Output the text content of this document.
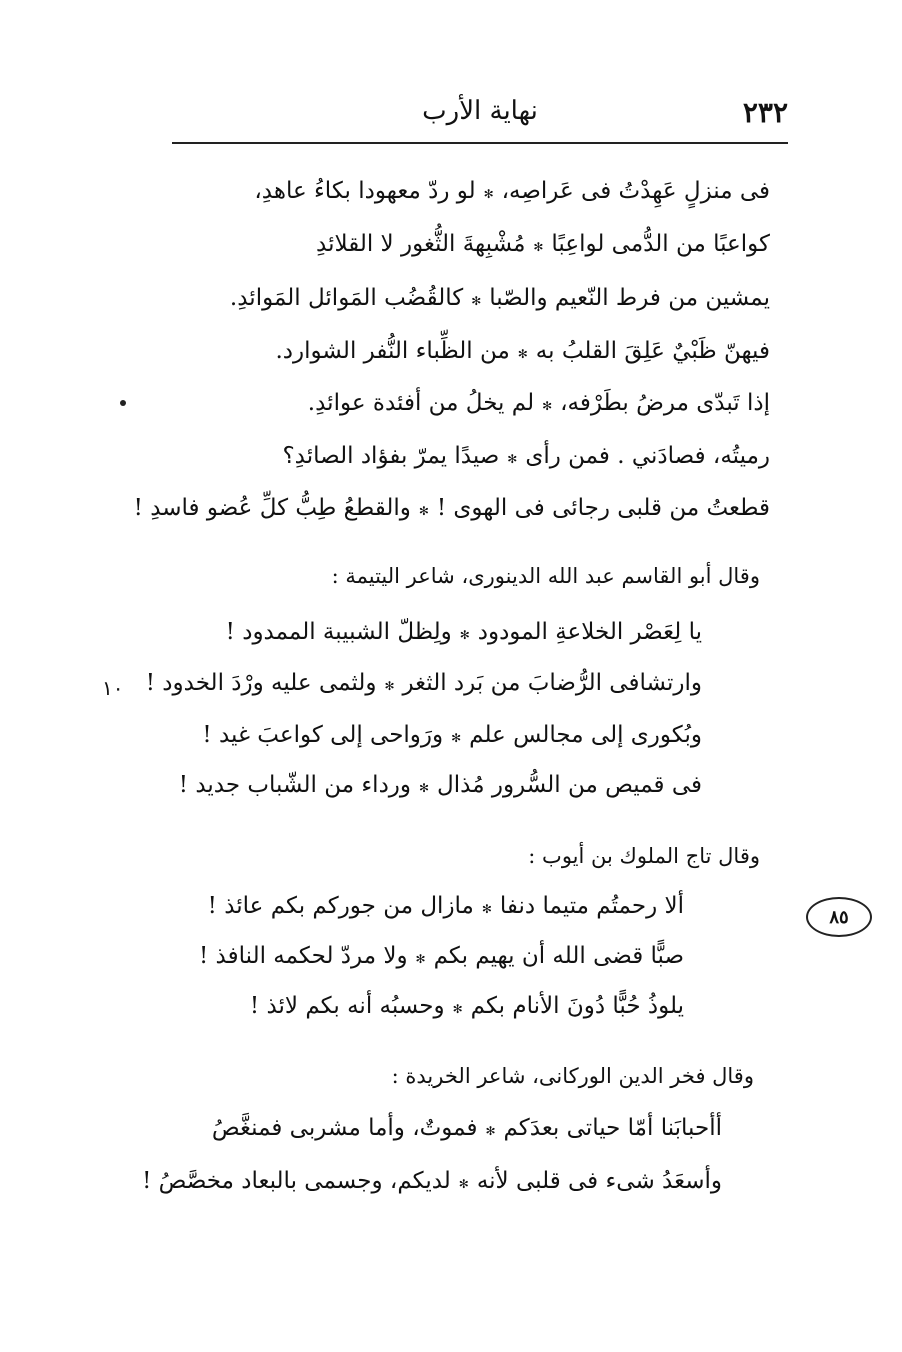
٢٣٢
نهاية الأرب
فى منزلٍ عَهِدْتُ فى عَراصِه،
✻
لو ردّ معهودا بكاءُ عاهدِ،
كواعبًا من الدُّمى لواعِبًا
✻
مُشْبِهةَ الثُّغور لا القلائدِ
يمشين من فرط النّعيم والصّبا
✻
كالقُضُب المَوائل المَوائدِ.
فيهنّ ظَبْيٌ عَلِقَ القلبُ به
✻
من الظِّباء النُّفر الشوارد.
إذا تَبدّى مرضُ بطَرْفه،
✻
لم يخلُ من أفئدة عوائدِ.
رميتُه، فصادَني . فمن رأى
✻
صيدًا يمرّ بفؤاد الصائدِ؟
قطعتُ من قلبى رجائى فى الهوى !
✻
والقطعُ طِبُّ كلِّ عُضو فاسدِ !
وقال أبو القاسم عبد الله الدينورى، شاعر اليتيمة :
يا لِعَصْر الخلاعةِ المودود
✻
ولِظلّ الشبيبة الممدود !
وارتشافى الرُّضابَ من بَرد الثغر
✻
ولثمى عليه ورْدَ الخدود !
وبُكورى إلى مجالس علم
✻
ورَواحى إلى كواعبَ غيد !
فى قميص من السُّرور مُذال
✻
ورداء من الشّباب جديد !
١٠
وقال تاج الملوك بن أيوب :
ألا رحمتُم متيما دنفا
✻
مازال من جوركم بكم عائذ !
صبًّا قضى الله أن يهيم بكم
✻
ولا مردّ لحكمه النافذ !
يلوذُ حُبًّا دُونَ الأنام بكم
✻
وحسبُه أنه بكم لائذ !
٨٥
وقال فخر الدين الوركانى، شاعر الخريدة :
أأحبابَنا أمّا حياتى بعدَكم
✻
فموتٌ، وأما مشربى فمنغَّصُ
وأسعَدُ شىء فى قلبى لأنه
✻
لديكم، وجسمى بالبعاد مخصَّصُ !
